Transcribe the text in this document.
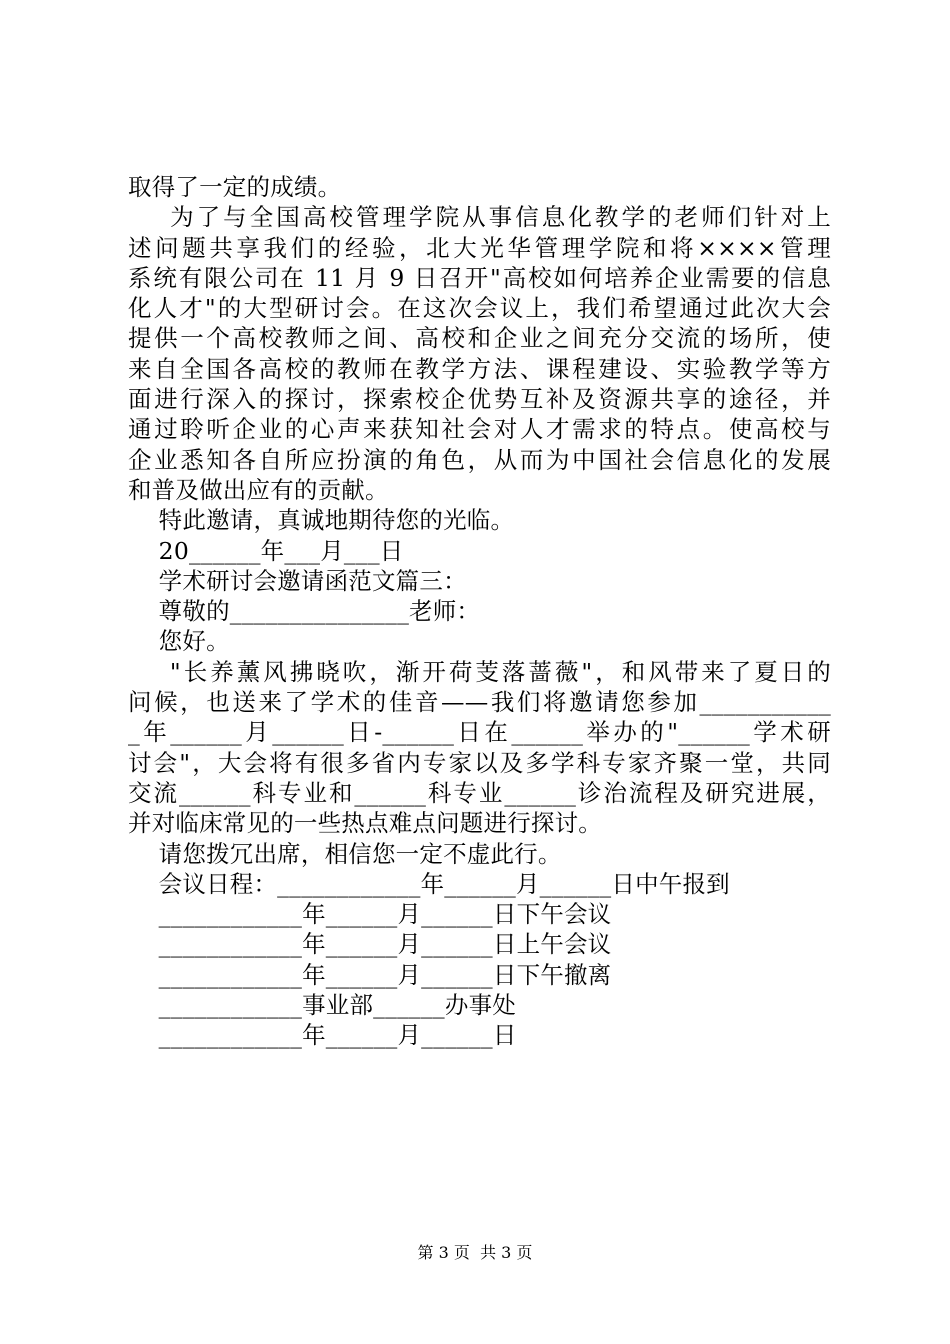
取得了一定的成绩。
为了与全国高校管理学院从事信息化教学的老师们针对上
述问题共享我们的经验，北大光华管理学院和将××××管理
系统有限公司在 11 月 9 日召开"高校如何培养企业需要的信息
化人才"的大型研讨会。在这次会议上，我们希望通过此次大会
提供一个高校教师之间、高校和企业之间充分交流的场所，使
来自全国各高校的教师在教学方法、课程建设、实验教学等方
面进行深入的探讨，探索校企优势互补及资源共享的途径，并
通过聆听企业的心声来获知社会对人才需求的特点。使高校与
企业悉知各自所应扮演的角色，从而为中国社会信息化的发展
和普及做出应有的贡献。
特此邀请，真诚地期待您的光临。
20______年___月___日
学术研讨会邀请函范文篇三：
尊敬的_______________老师：
您好。
"长养薰风拂晓吹，渐开荷芰落蔷薇"，和风带来了夏日的
问候，也送来了学术的佳音——我们将邀请您参加___________
_年______月______日-______日在______举办的"______学术研
讨会"，大会将有很多省内专家以及多学科专家齐聚一堂，共同
交流______科专业和______科专业______诊治流程及研究进展，
并对临床常见的一些热点难点问题进行探讨。
请您拨冗出席，相信您一定不虚此行。
会议日程：____________年______月______日中午报到
____________年______月______日下午会议
____________年______月______日上午会议
____________年______月______日下午撤离
____________事业部______办事处
____________年______月______日
第 3 页  共 3 页
